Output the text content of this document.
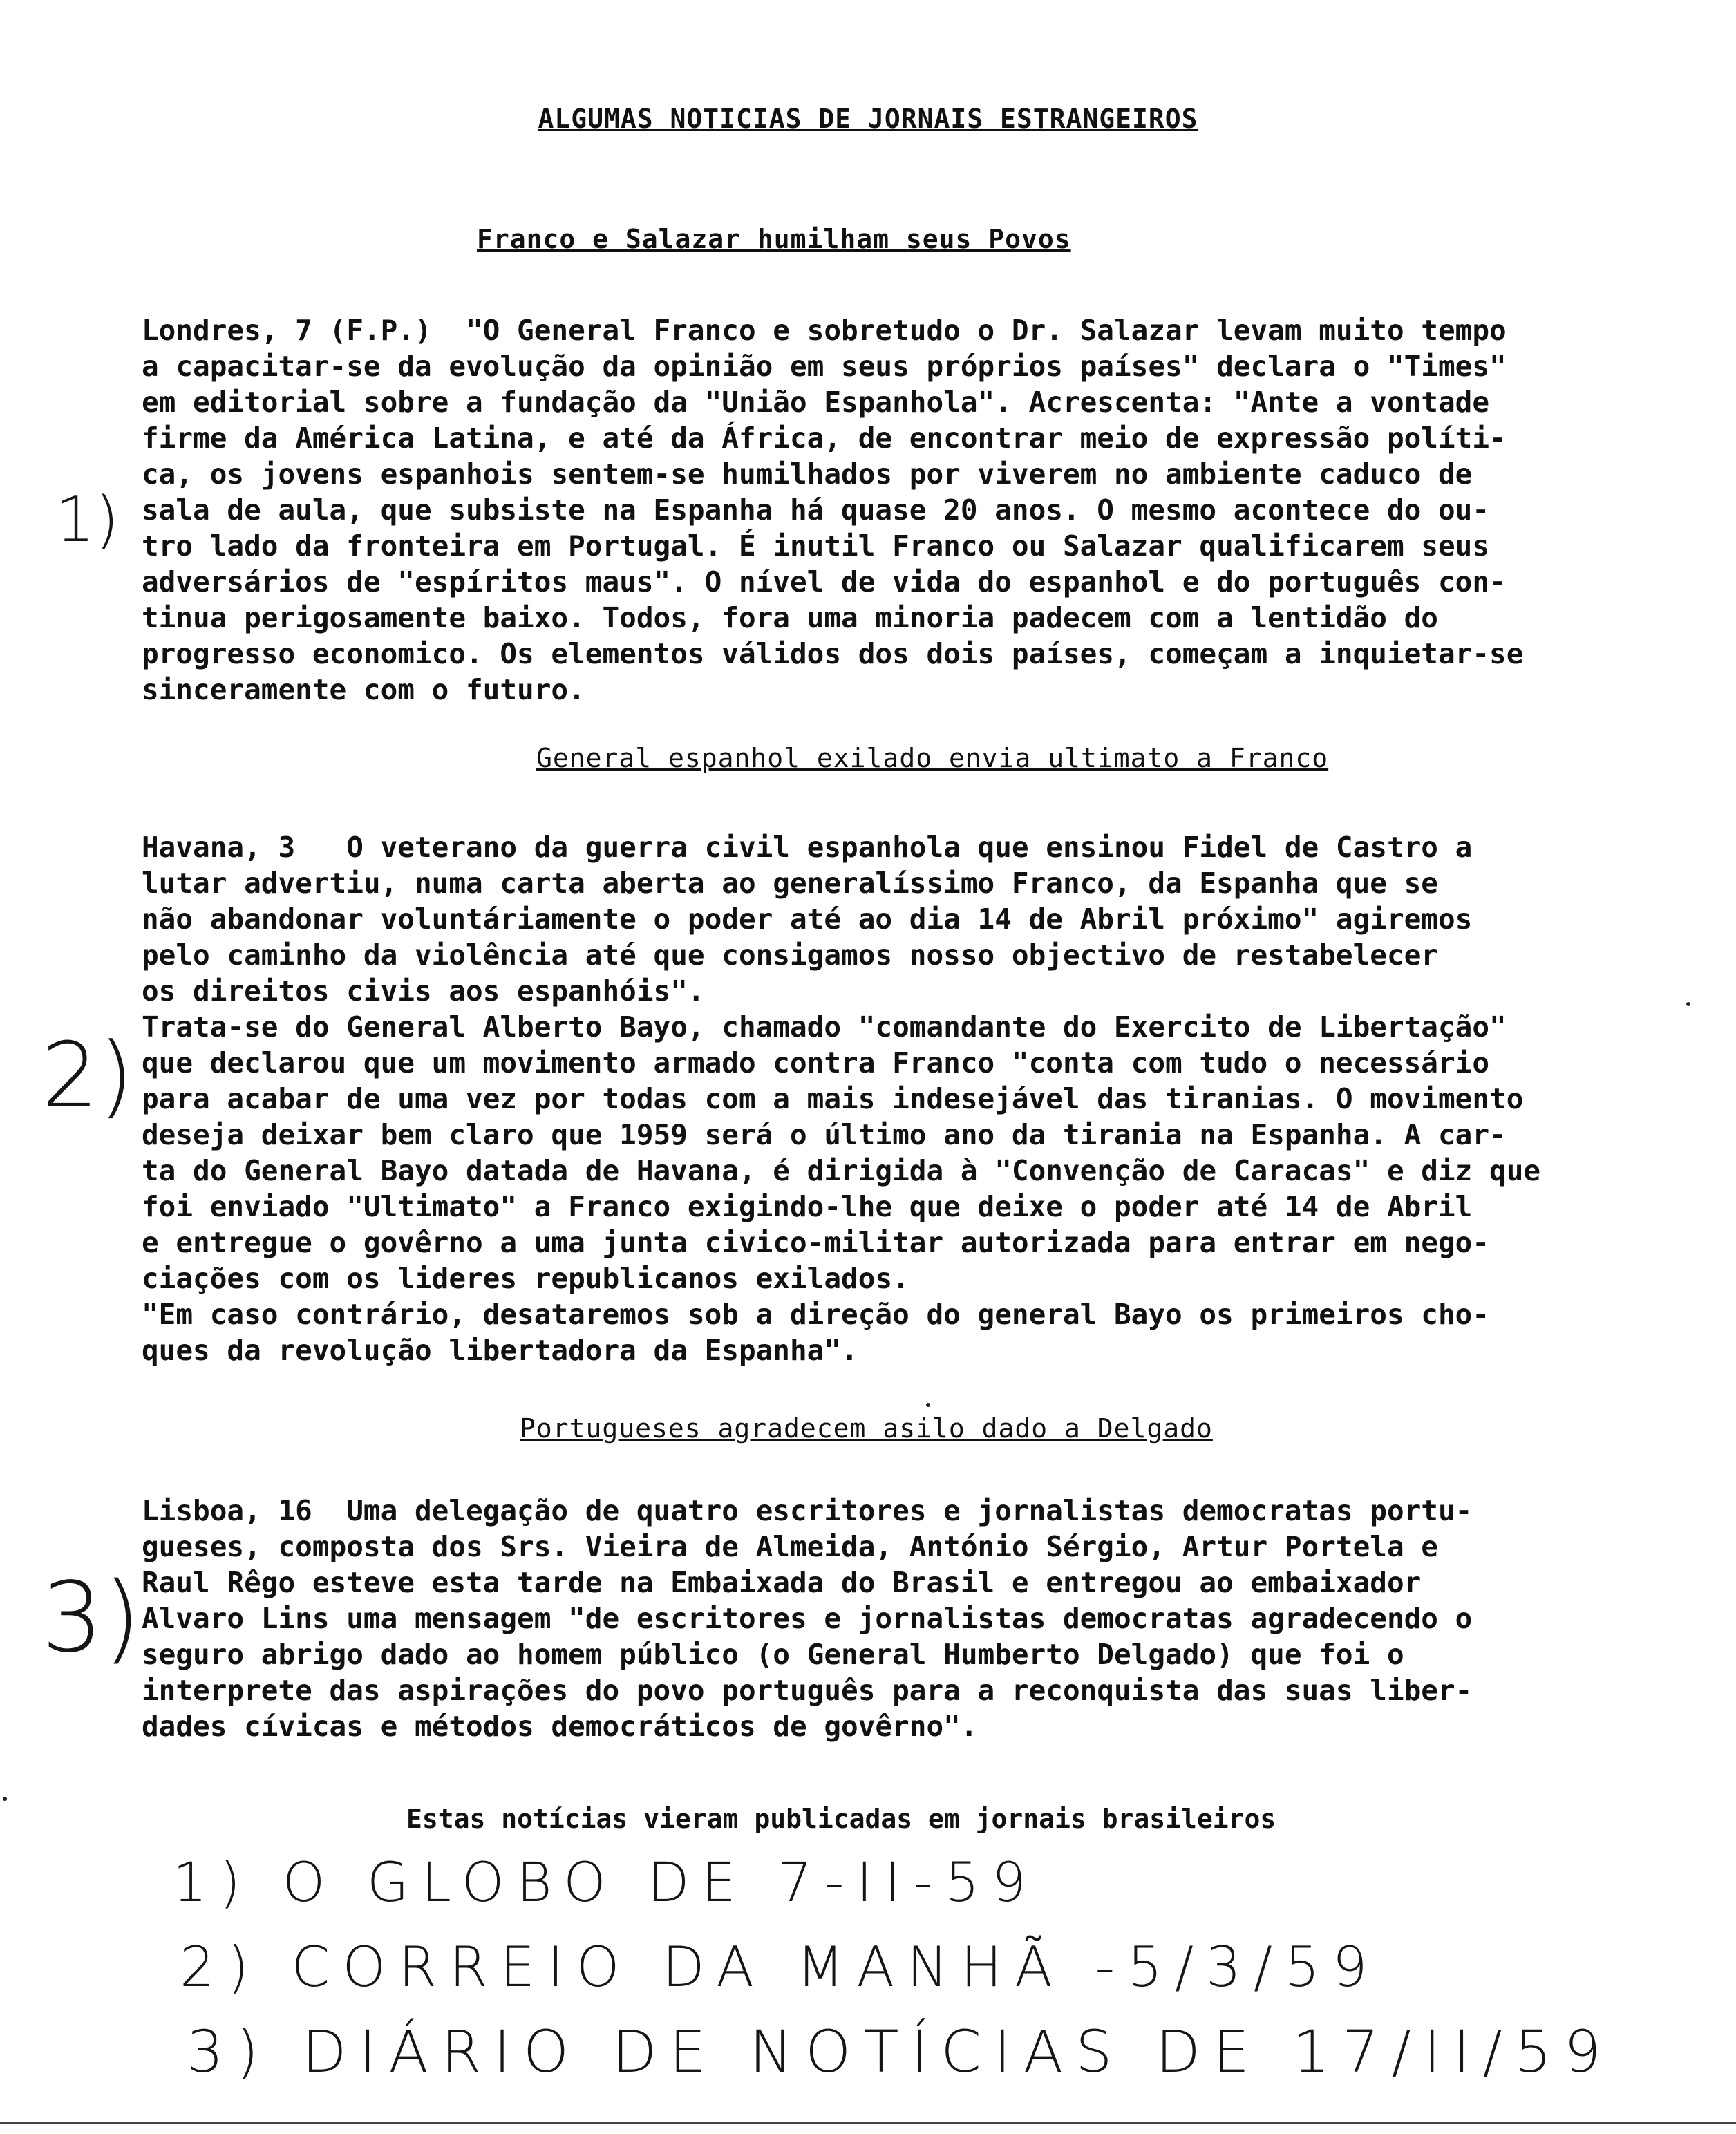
ALGUMAS NOTICIAS DE JORNAIS ESTRANGEIROS
Franco e Salazar humilham seus Povos
1)
Londres, 7 (F.P.)  "O General Franco e sobretudo o Dr. Salazar levam muito tempo
a capacitar-se da evolução da opinião em seus próprios países" declara o "Times"
em editorial sobre a fundação da "União Espanhola". Acrescenta: "Ante a vontade
firme da América Latina, e até da África, de encontrar meio de expressão políti-
ca, os jovens espanhois sentem-se humilhados por viverem no ambiente caduco de
sala de aula, que subsiste na Espanha há quase 20 anos. O mesmo acontece do ou-
tro lado da fronteira em Portugal. É inutil Franco ou Salazar qualificarem seus
adversários de "espíritos maus". O nível de vida do espanhol e do português con-
tinua perigosamente baixo. Todos, fora uma minoria padecem com a lentidão do
progresso economico. Os elementos válidos dos dois países, começam a inquietar-se
sinceramente com o futuro.
General espanhol exilado envia ultimato a Franco
2)
Havana, 3   O veterano da guerra civil espanhola que ensinou Fidel de Castro a
lutar advertiu, numa carta aberta ao generalíssimo Franco, da Espanha que se
não abandonar voluntáriamente o poder até ao dia 14 de Abril próximo" agiremos
pelo caminho da violência até que consigamos nosso objectivo de restabelecer
os direitos civis aos espanhóis".
Trata-se do General Alberto Bayo, chamado "comandante do Exercito de Libertação"
que declarou que um movimento armado contra Franco "conta com tudo o necessário
para acabar de uma vez por todas com a mais indesejável das tiranias. O movimento
deseja deixar bem claro que 1959 será o último ano da tirania na Espanha. A car-
ta do General Bayo datada de Havana, é dirigida à "Convenção de Caracas" e diz que
foi enviado "Ultimato" a Franco exigindo-lhe que deixe o poder até 14 de Abril
e entregue o govêrno a uma junta civico-militar autorizada para entrar em nego-
ciações com os lideres republicanos exilados.
"Em caso contrário, desataremos sob a direção do general Bayo os primeiros cho-
ques da revolução libertadora da Espanha".
Portugueses agradecem asilo dado a Delgado
3)
Lisboa, 16  Uma delegação de quatro escritores e jornalistas democratas portu-
gueses, composta dos Srs. Vieira de Almeida, António Sérgio, Artur Portela e
Raul Rêgo esteve esta tarde na Embaixada do Brasil e entregou ao embaixador
Alvaro Lins uma mensagem "de escritores e jornalistas democratas agradecendo o
seguro abrigo dado ao homem público (o General Humberto Delgado) que foi o
interprete das aspirações do povo português para a reconquista das suas liber-
dades cívicas e métodos democráticos de govêrno".
Estas notícias vieram publicadas em jornais brasileiros
1) O GLOBO DE 7-II-59
2) CORREIO DA MANHÃ -5/3/59
3) DIÁRIO DE NOTÍCIAS DE 17/II/59
